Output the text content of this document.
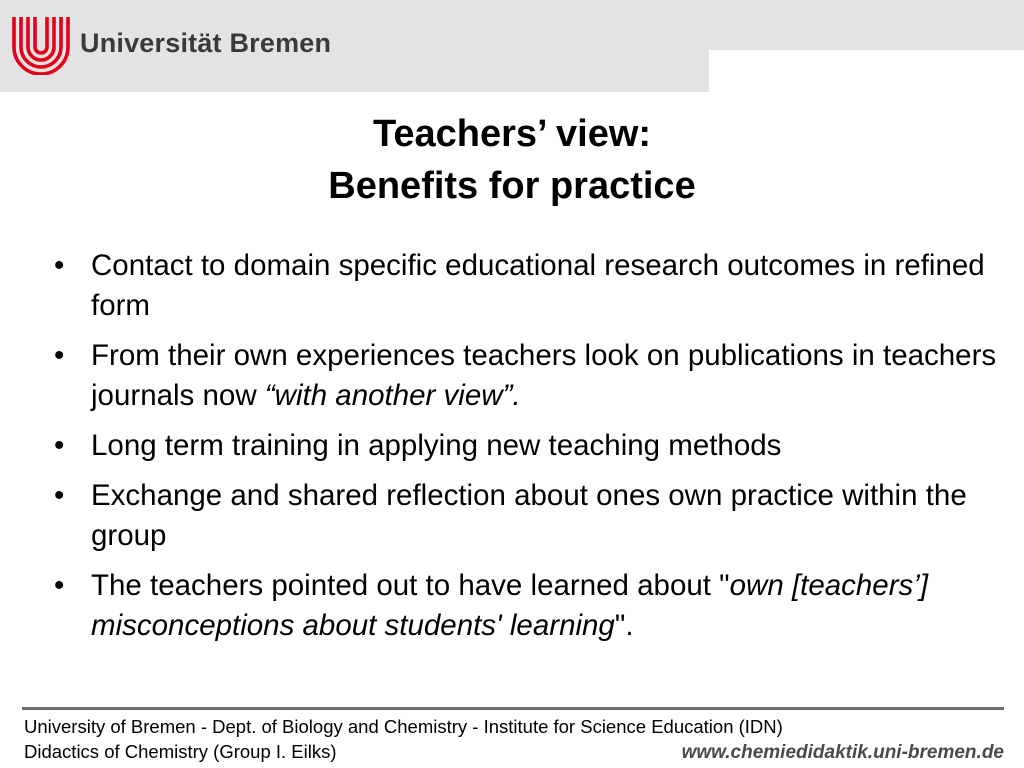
Universität Bremen
Teachers’ view:
Benefits for practice
• Contact to domain specific educational research outcomes in refined form
• From their own experiences teachers look on publications in teachers journals now “with another view”.
• Long term training in applying new teaching methods
• Exchange and shared reflection about ones own practice within the group
• The teachers pointed out to have learned about "own [teachers’] misconceptions about students' learning".
University of Bremen - Dept. of Biology and Chemistry - Institute for Science Education (IDN)
Didactics of Chemistry (Group I. Eilks)	www.chemiedidaktik.uni-bremen.de
